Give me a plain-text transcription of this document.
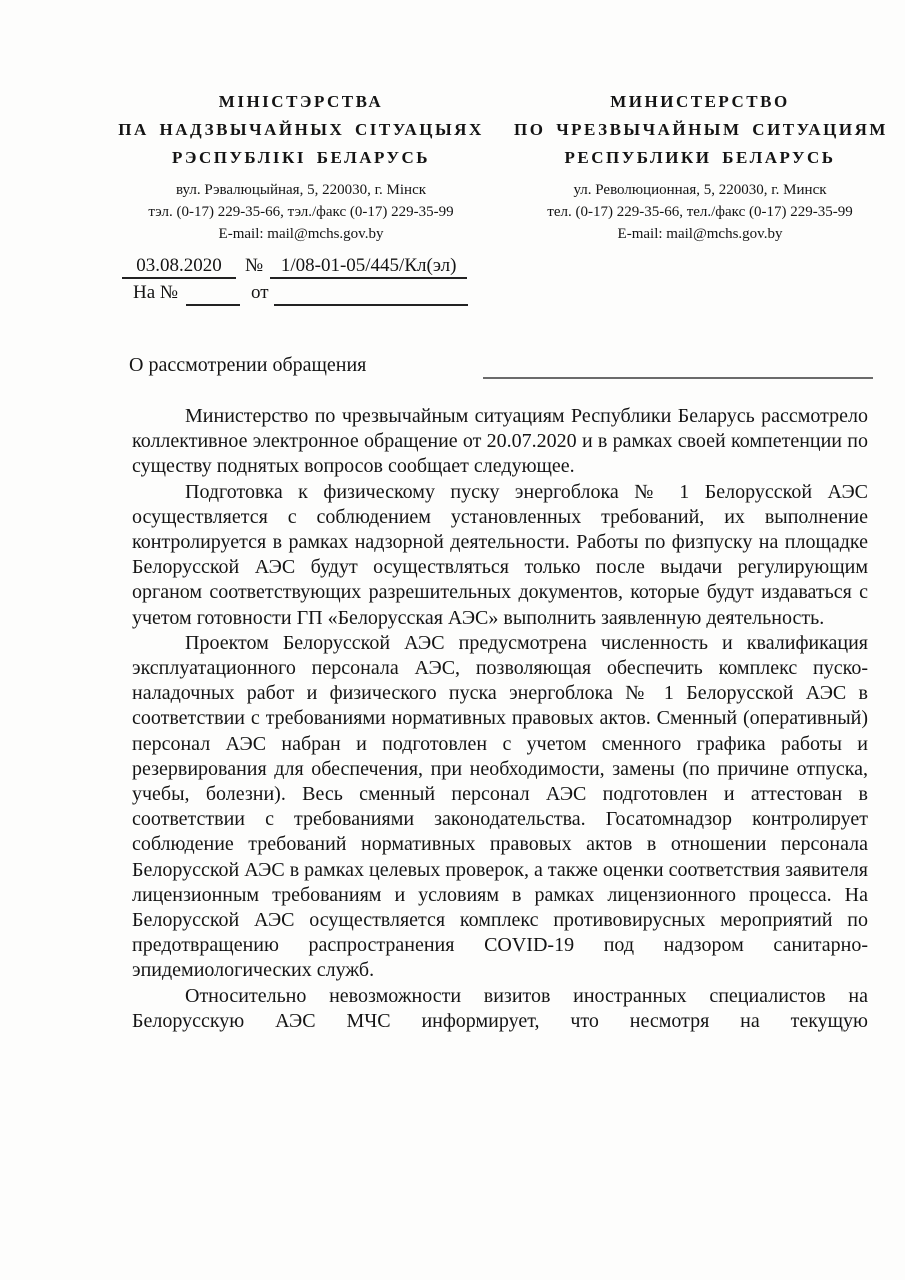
МІНІСТЭРСТВА
ПА НАДЗВЫЧАЙНЫХ СІТУАЦЫЯХ
РЭСПУБЛІКІ БЕЛАРУСЬ
вул. Рэвалюцыйная, 5, 220030, г. Мінск
тэл. (0-17) 229-35-66, тэл./факс (0-17) 229-35-99
E-mail: mail@mchs.gov.by
МИНИСТЕРСТВО
ПО ЧРЕЗВЫЧАЙНЫМ СИТУАЦИЯМ
РЕСПУБЛИКИ БЕЛАРУСЬ
ул. Революционная, 5, 220030, г. Минск
тел. (0-17) 229-35-66, тел./факс (0-17) 229-35-99
E-mail: mail@mchs.gov.by
03.08.2020 № 1/08-01-05/445/Кл(эл)
На №	от
О рассмотрении обращения

Министерство по чрезвычайным ситуациям Республики Беларусь рассмотрело коллективное электронное обращение от 20.07.2020 и в рамках своей компетенции по существу поднятых вопросов сообщает следующее.

Подготовка к физическому пуску энергоблока № 1 Белорусской АЭС осуществляется с соблюдением установленных требований, их выполнение контролируется в рамках надзорной деятельности. Работы по физпуску на площадке Белорусской АЭС будут осуществляться только после выдачи регулирующим органом соответствующих разрешительных документов, которые будут издаваться с учетом готовности ГП «Белорусская АЭС» выполнить заявленную деятельность.

Проектом Белорусской АЭС предусмотрена численность и квалификация эксплуатационного персонала АЭС, позволяющая обеспечить комплекс пуско-наладочных работ и физического пуска энергоблока № 1 Белорусской АЭС в соответствии с требованиями нормативных правовых актов. Сменный (оперативный) персонал АЭС набран и подготовлен с учетом сменного графика работы и резервирования для обеспечения, при необходимости, замены (по причине отпуска, учебы, болезни). Весь сменный персонал АЭС подготовлен и аттестован в соответствии с требованиями законодательства. Госатомнадзор контролирует соблюдение требований нормативных правовых актов в отношении персонала Белорусской АЭС в рамках целевых проверок, а также оценки соответствия заявителя лицензионным требованиям и условиям в рамках лицензионного процесса. На Белорусской АЭС осуществляется комплекс противовирусных мероприятий по предотвращению распространения COVID-19 под надзором санитарно-эпидемиологических служб.

Относительно невозможности визитов иностранных специалистов на Белорусскую АЭС МЧС информирует, что несмотря на текущую
